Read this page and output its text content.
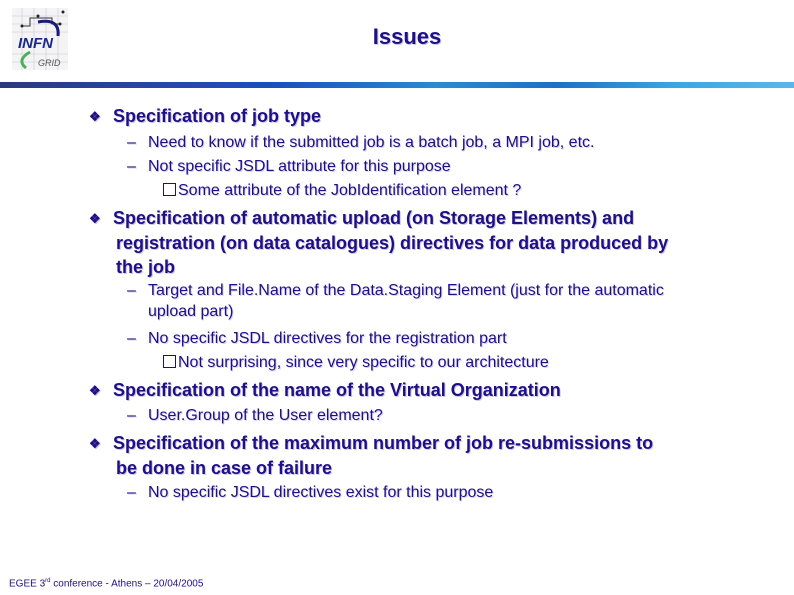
INFN
GRID
Issues
❖ Specification of job type
– Need to know if the submitted job is a batch job, a MPI job, etc.
– Not specific JSDL attribute for this purpose
Some attribute of the JobIdentification element ?
❖ Specification of automatic upload (on Storage Elements) and
registration (on data catalogues) directives for data produced by
the job
– Target and File.Name of the Data.Staging Element (just for the automatic
upload part)
– No specific JSDL directives for the registration part
Not surprising, since very specific to our architecture
❖ Specification of the name of the Virtual Organization
– User.Group of the User element?
❖ Specification of the maximum number of job re-submissions to
be done in case of failure
– No specific JSDL directives exist for this purpose
EGEE 3rd conference - Athens – 20/04/2005
